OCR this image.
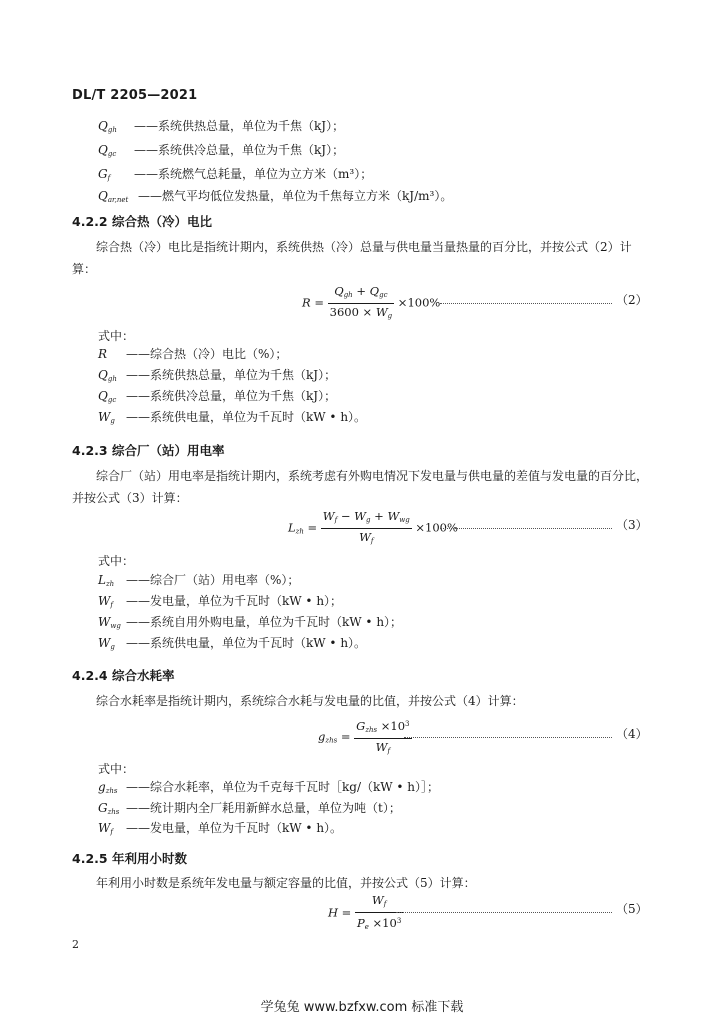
DL/T 2205—2021
$Q_{gh}$ ——系统供热总量，单位为千焦（kJ）；
$Q_{gc}$ ——系统供冷总量，单位为千焦（kJ）；
$G_f$ ——系统燃气总耗量，单位为立方米（m³）；
$Q_{ar,net}$ ——燃气平均低位发热量，单位为千焦每立方米（kJ/m³）。
4.2.2 综合热（冷）电比
综合热（冷）电比是指统计期内，系统供热（冷）总量与供电量当量热量的百分比，并按公式（2）计算：
$R = \frac{Q_{gh} + Q_{gc}}{3600 \times W_g} \times 100\%$	（2）
式中：
R ——综合热（冷）电比（%）；
$Q_{gh}$ ——系统供热总量，单位为千焦（kJ）；
$Q_{gc}$ ——系统供冷总量，单位为千焦（kJ）；
$W_g$ ——系统供电量，单位为千瓦时（kW • h）。
4.2.3 综合厂（站）用电率
综合厂（站）用电率是指统计期内，系统考虑有外购电情况下发电量与供电量的差值与发电量的百分比，并按公式（3）计算：
$L_{zh} = \frac{W_f - W_g + W_{wg}}{W_f} \times 100\%$	（3）
式中：
$L_{zh}$ ——综合厂（站）用电率（%）；
$W_f$ ——发电量，单位为千瓦时（kW • h）；
$W_{wg}$ ——系统自用外购电量，单位为千瓦时（kW • h）；
$W_g$ ——系统供电量，单位为千瓦时（kW • h）。
4.2.4 综合水耗率
综合水耗率是指统计期内，系统综合水耗与发电量的比值，并按公式（4）计算：
$g_{zhs} = \frac{G_{zhs} \times 10^3}{W_f}$	（4）
式中：
$g_{zhs}$ ——综合水耗率，单位为千克每千瓦时［kg/（kW • h）］；
$G_{zhs}$ ——统计期内全厂耗用新鲜水总量，单位为吨（t）；
$W_f$ ——发电量，单位为千瓦时（kW • h）。
4.2.5 年利用小时数
年利用小时数是系统年发电量与额定容量的比值，并按公式（5）计算：
$H = \frac{W_f}{P_e \times 10^3}$	（5）
2
学兔兔 www.bzfxw.com 标准下载
